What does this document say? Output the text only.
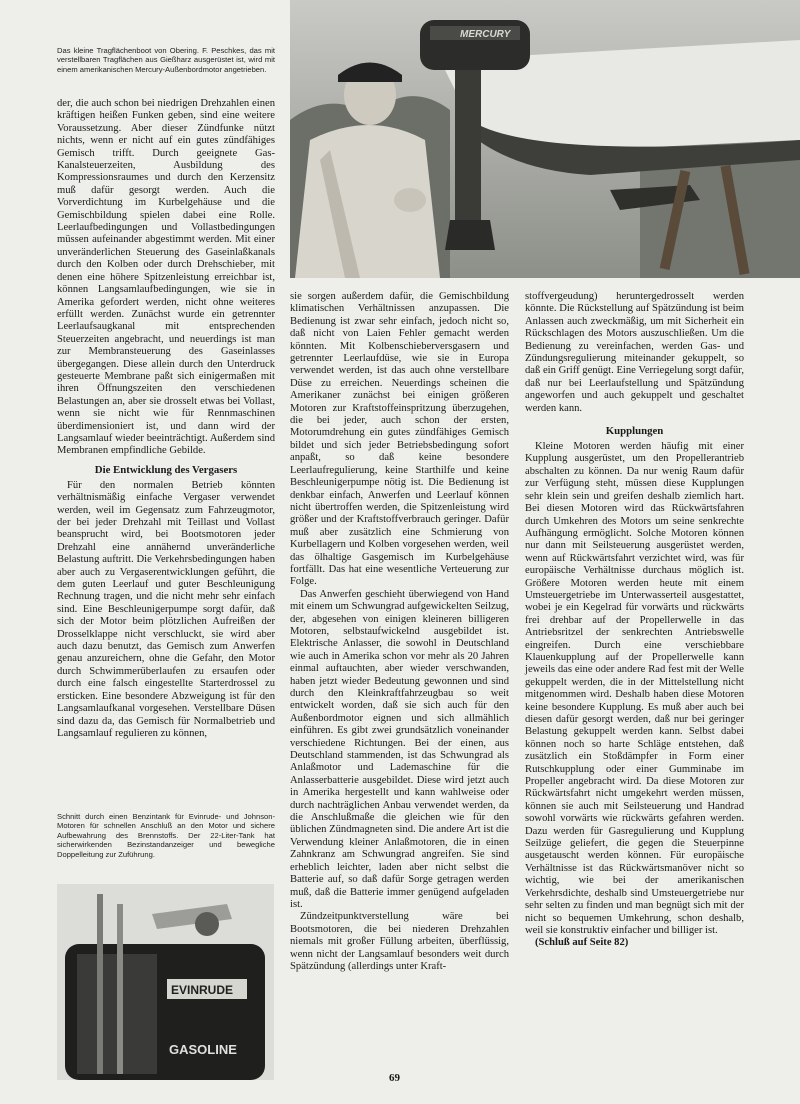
MERCURY
Das kleine Tragflächenboot von Obering. F. Peschkes, das mit verstellbaren Tragflächen aus Gießharz ausgerüstet ist, wird mit einem amerikanischen Mercury-Außenbordmotor angetrieben.

der, die auch schon bei niedrigen Drehzahlen einen kräftigen heißen Funken geben, sind eine weitere Voraussetzung. Aber dieser Zündfunke nützt nichts, wenn er nicht auf ein gutes zündfähiges Gemisch trifft. Durch geeignete Gas-Kanalsteuerzeiten, Ausbildung des Kompressionsraumes und durch den Kerzensitz muß dafür gesorgt werden. Auch die Vorverdichtung im Kurbelgehäuse und die Gemischbildung spielen dabei eine Rolle. Leerlaufbedingungen und Vollastbedingungen müssen aufeinander abgestimmt werden. Mit einer unveränderlichen Steuerung des Gaseinlaßkanals durch den Kolben oder durch Drehschieber, mit denen eine höhere Spitzenleistung erreichbar ist, können Langsamlaufbedingungen, wie sie in Amerika gefordert werden, nicht ohne weiteres erfüllt werden. Zunächst wurde ein getrennter Leerlaufsaugkanal mit entsprechenden Steuerzeiten angebracht, und neuerdings ist man zur Membransteuerung des Gaseinlasses übergegangen. Diese allein durch den Unterdruck gesteuerte Membrane paßt sich einigermaßen mit ihren Öffnungszeiten den verschiedenen Belastungen an, aber sie drosselt etwas bei Vollast, wenn sie nicht wie für Rennmaschinen überdimensioniert ist, und dann wird der Langsamlauf wieder beeinträchtigt. Außerdem sind Membranen empfindliche Gebilde.

Die Entwicklung des Vergasers

Für den normalen Betrieb könnten verhältnismäßig einfache Vergaser verwendet werden, weil im Gegensatz zum Fahrzeugmotor, der bei jeder Drehzahl mit Teillast und Vollast beansprucht wird, bei Bootsmotoren jeder Drehzahl eine annähernd unveränderliche Belastung auftritt. Die Verkehrsbedingungen haben aber auch zu Vergaserentwicklungen geführt, die dem guten Leerlauf und guter Beschleunigung Rechnung tragen, und die nicht mehr sehr einfach sind. Eine Beschleunigerpumpe sorgt dafür, daß sich der Motor beim plötzlichen Aufreißen der Drosselklappe nicht verschluckt, sie wird aber auch dazu benutzt, das Gemisch zum Anwerfen genau anzureichern, ohne die Gefahr, den Motor durch Schwimmerüberlaufen zu ersaufen oder durch eine falsch eingestellte Starterdrossel zu ersticken. Eine besondere Abzweigung ist für den Langsamlaufkanal vorgesehen. Verstellbare Düsen sind dazu da, das Gemisch für Normalbetrieb und Langsamlauf regulieren zu können,

Schnitt durch einen Benzintank für Evinrude- und Johnson-Motoren für schnellen Anschluß an den Motor und sichere Aufbewahrung des Brennstoffs. Der 22-Liter-Tank hat sicherwirkenden Bezinstandanzeiger und bewegliche Doppelleitung zur Zuführung.
EVINRUDE
GASOLINE

sie sorgen außerdem dafür, die Gemischbildung klimatischen Verhältnissen anzupassen. Die Bedienung ist zwar sehr einfach, jedoch nicht so, daß nicht von Laien Fehler gemacht werden könnten. Mit Kolbenschieberversgasern und getrennter Leerlaufdüse, wie sie in Europa verwendet werden, ist das auch ohne verstellbare Düse zu erreichen. Neuerdings scheinen die Amerikaner zunächst bei einigen größeren Motoren zur Kraftstoffeinspritzung überzugehen, die bei jeder, auch schon der ersten, Motorumdrehung ein gutes zündfähiges Gemisch bildet und sich jeder Betriebsbedingung sofort anpaßt, so daß keine besondere Leerlaufregulierung, keine Starthilfe und keine Beschleunigerpumpe nötig ist. Die Bedienung ist denkbar einfach, Anwerfen und Leerlauf können nicht übertroffen werden, die Spitzenleistung wird größer und der Kraftstoffverbrauch geringer. Dafür muß aber zusätzlich eine Schmierung von Kurbellagern und Kolben vorgesehen werden, weil das ölhaltige Gasgemisch im Kurbelgehäuse fortfällt. Das hat eine wesentliche Verteuerung zur Folge.

Das Anwerfen geschieht überwiegend von Hand mit einem um Schwungrad aufgewickelten Seilzug, der, abgesehen von einigen kleineren billigeren Motoren, selbstaufwickelnd ausgebildet ist. Elektrische Anlasser, die sowohl in Deutschland wie auch in Amerika schon vor mehr als 20 Jahren einmal auftauchten, aber wieder verschwanden, haben jetzt wieder Bedeutung gewonnen und sind durch den Kleinkraftfahrzeugbau so weit entwickelt worden, daß sie sich auch für den Außenbordmotor eignen und sich allmählich einführen. Es gibt zwei grundsätzlich voneinander verschiedene Richtungen. Bei der einen, aus Deutschland stammenden, ist das Schwungrad als Anlaßmotor und Lademaschine für die Anlasserbatterie ausgebildet. Diese wird jetzt auch in Amerika hergestellt und kann wahlweise oder durch nachträglichen Anbau verwendet werden, da die Anschlußmaße die gleichen wie für den üblichen Zündmagneten sind. Die andere Art ist die Verwendung kleiner Anlaßmotoren, die in einen Zahnkranz am Schwungrad angreifen. Sie sind erheblich leichter, laden aber nicht selbst die Batterie auf, so daß dafür Sorge getragen werden muß, daß die Batterie immer genügend aufgeladen ist.

Zündzeitpunktverstellung wäre bei Bootsmotoren, die bei niederen Drehzahlen niemals mit großer Füllung arbeiten, überflüssig, wenn nicht der Langsamlauf besonders weit durch Spätzündung (allerdings unter Kraft-

stoffvergeudung) heruntergedrosselt werden könnte. Die Rückstellung auf Spätzündung ist beim Anlassen auch zweckmäßig, um mit Sicherheit ein Rückschlagen des Motors auszuschließen. Um die Bedienung zu vereinfachen, werden Gas- und Zündungsregulierung miteinander gekuppelt, so daß ein Griff genügt. Eine Verriegelung sorgt dafür, daß nur bei Leerlaufstellung und Spätzündung angeworfen und auch gekuppelt und geschaltet werden kann.

Kupplungen

Kleine Motoren werden häufig mit einer Kupplung ausgerüstet, um den Propellerantrieb abschalten zu können. Da nur wenig Raum dafür zur Verfügung steht, müssen diese Kupplungen sehr klein sein und greifen deshalb ziemlich hart. Bei diesen Motoren wird das Rückwärtsfahren durch Umkehren des Motors um seine senkrechte Aufhängung ermöglicht. Solche Motoren können nur dann mit Seilsteuerung ausgerüstet werden, wenn auf Rückwärtsfahrt verzichtet wird, was für europäische Verhältnisse durchaus möglich ist. Größere Motoren werden heute mit einem Umsteuergetriebe im Unterwasserteil ausgestattet, wobei je ein Kegelrad für vorwärts und rückwärts frei drehbar auf der Propellerwelle in das Antriebsritzel der senkrechten Antriebswelle eingreifen. Durch eine verschiebbare Klauenkupplung auf der Propellerwelle kann jeweils das eine oder andere Rad fest mit der Welle gekuppelt werden, die in der Mittelstellung nicht mitgenommen wird. Deshalb haben diese Motoren keine besondere Kupplung. Es muß aber auch bei diesen dafür gesorgt werden, daß nur bei geringer Belastung gekuppelt werden kann. Selbst dabei können noch so harte Schläge entstehen, daß zusätzlich ein Stoßdämpfer in Form einer Rutschkupplung oder einer Gumminabe im Propeller angebracht wird. Da diese Motoren zur Rückwärtsfahrt nicht umgekehrt werden müssen, können sie auch mit Seilsteuerung und Handrad sowohl vorwärts wie rückwärts gefahren werden. Dazu werden für Gasregulierung und Kupplung Seilzüge geliefert, die gegen die Steuerpinne ausgetauscht werden können. Für europäische Verhältnisse ist das Rückwärtsmanöver nicht so wichtig, wie bei der amerikanischen Verkehrsdichte, deshalb sind Umsteuergetriebe nur sehr selten zu finden und man begnügt sich mit der nicht so bequemen Umkehrung, schon deshalb, weil sie konstruktiv einfacher und billiger ist.

(Schluß auf Seite 82)

69
